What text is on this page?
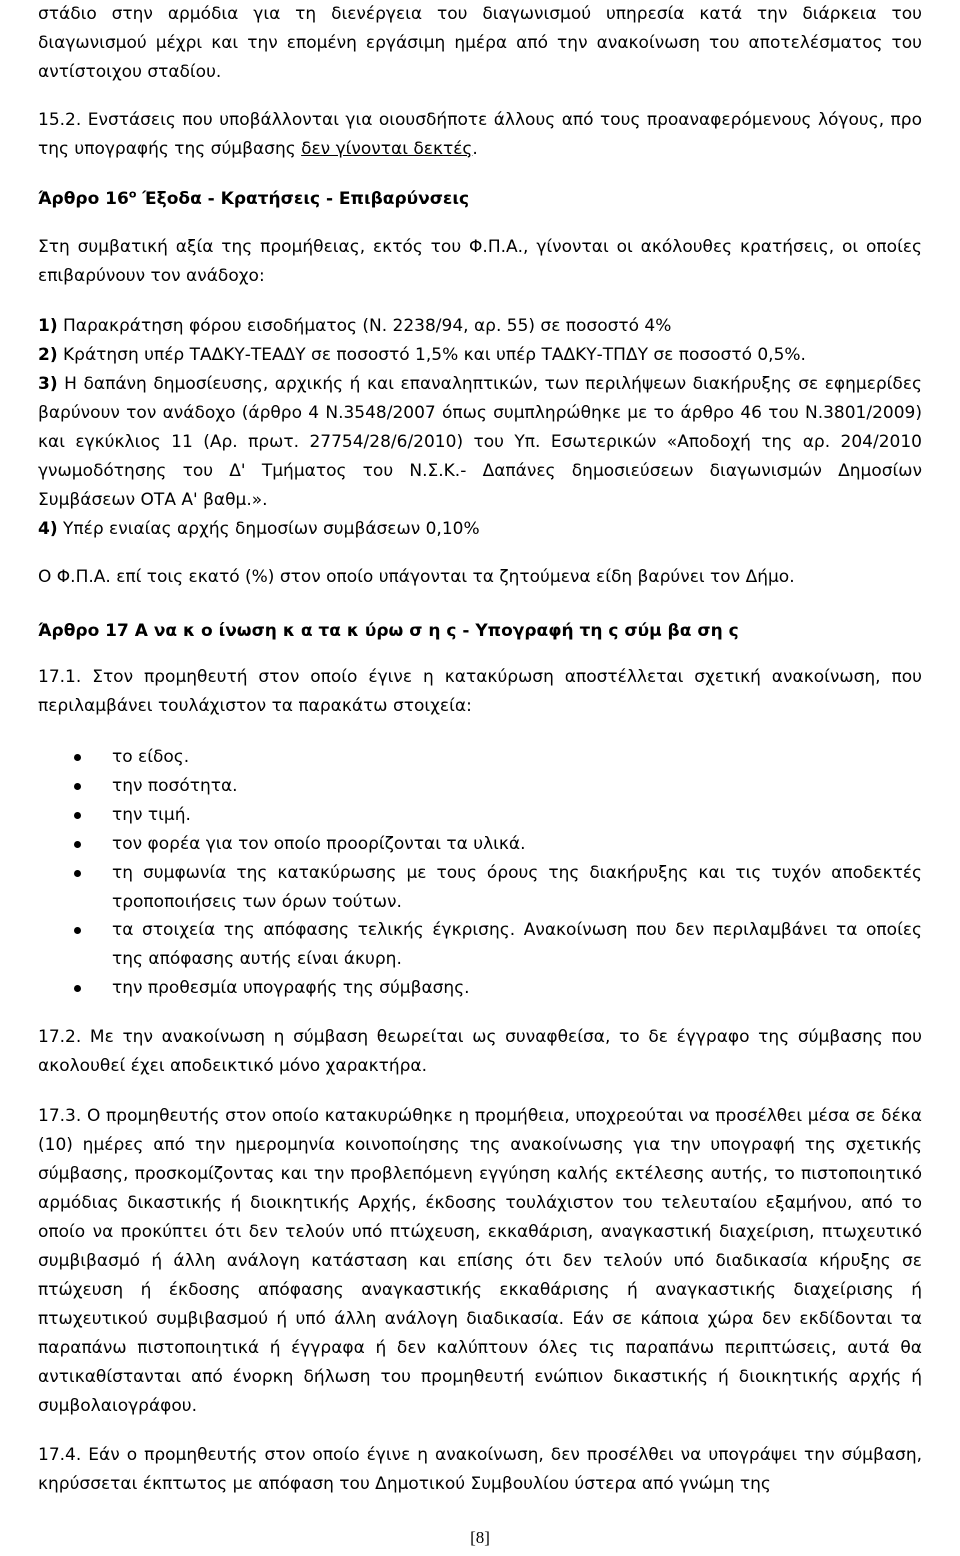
στάδιο στην αρμόδια για τη διενέργεια του διαγωνισμού υπηρεσία κατά την διάρκεια του διαγωνισμού μέχρι και την επομένη εργάσιμη ημέρα από την ανακοίνωση του αποτελέσματος του αντίστοιχου σταδίου.

15.2. Ενστάσεις που υποβάλλονται για οιουσδήποτε άλλους από τους προαναφερόμενους λόγους, προ της υπογραφής της σύμβασης δεν γίνονται δεκτές.

Άρθρο $16^o$ Έξοδα - Κρατήσεις - Επιβαρύνσεις

Στη συμβατική αξία της προμήθειας, εκτός του Φ.Π.Α., γίνονται οι ακόλουθες κρατήσεις, οι οποίες επιβαρύνουν τον ανάδοχο:

1) Παρακράτηση φόρου εισοδήματος (Ν. 2238/94, αρ. 55) σε ποσοστό 4%

2) Κράτηση υπέρ ΤΑΔΚΥ-ΤΕΑΔΥ σε ποσοστό 1,5% και υπέρ ΤΑΔΚΥ-ΤΠΔΥ σε ποσοστό 0,5%.

3) Η δαπάνη δημοσίευσης, αρχικής ή και επαναληπτικών, των περιλήψεων διακήρυξης σε εφημερίδες βαρύνουν τον ανάδοχο (άρθρο 4 Ν.3548/2007 όπως συμπληρώθηκε με το άρθρο 46 του Ν.3801/2009) και εγκύκλιος 11 (Αρ. πρωτ. 27754/28/6/2010) του Υπ. Εσωτερικών «Αποδοχή της αρ. 204/2010 γνωμοδότησης του Δ' Τμήματος του Ν.Σ.Κ.- Δαπάνες δημοσιεύσεων διαγωνισμών Δημοσίων Συμβάσεων ΟΤΑ Α' βαθμ.».

4) Υπέρ ενιαίας αρχής δημοσίων συμβάσεων 0,10%

Ο Φ.Π.Α. επί τοις εκατό (%) στον οποίο υπάγονται τα ζητούμενα είδη βαρύνει τον Δήμο.

Άρθρο 17 Α να κ ο ίνωση κ α τα κ ύρω σ η ς - Υπογραφή τη ς σύμ βα ση ς

17.1. Στον προμηθευτή στον οποίο έγινε η κατακύρωση αποστέλλεται σχετική ανακοίνωση, που περιλαμβάνει τουλάχιστον τα παρακάτω στοιχεία:

το είδος.

την ποσότητα.

την τιμή.

τον φορέα για τον οποίο προορίζονται τα υλικά.

τη συμφωνία της κατακύρωσης με τους όρους της διακήρυξης και τις τυχόν αποδεκτές τροποποιήσεις των όρων τούτων.

τα στοιχεία της απόφασης τελικής έγκρισης. Ανακοίνωση που δεν περιλαμβάνει τα οποίες της απόφασης αυτής είναι άκυρη.

την προθεσμία υπογραφής της σύμβασης.

17.2. Με την ανακοίνωση η σύμβαση θεωρείται ως συναφθείσα, το δε έγγραφο της σύμβασης που ακολουθεί έχει αποδεικτικό μόνο χαρακτήρα.

17.3. Ο προμηθευτής στον οποίο κατακυρώθηκε η προμήθεια, υποχρεούται να προσέλθει μέσα σε δέκα (10) ημέρες από την ημερομηνία κοινοποίησης της ανακοίνωσης για την υπογραφή της σχετικής σύμβασης, προσκομίζοντας και την προβλεπόμενη εγγύηση καλής εκτέλεσης αυτής, το πιστοποιητικό αρμόδιας δικαστικής ή διοικητικής Αρχής, έκδοσης τουλάχιστον του τελευταίου εξαμήνου, από το οποίο να προκύπτει ότι δεν τελούν υπό πτώχευση, εκκαθάριση, αναγκαστική διαχείριση, πτωχευτικό συμβιβασμό ή άλλη ανάλογη κατάσταση και επίσης ότι δεν τελούν υπό διαδικασία κήρυξης σε πτώχευση ή έκδοσης απόφασης αναγκαστικής εκκαθάρισης ή αναγκαστικής διαχείρισης ή πτωχευτικού συμβιβασμού ή υπό άλλη ανάλογη διαδικασία. Εάν σε κάποια χώρα δεν εκδίδονται τα παραπάνω πιστοποιητικά ή έγγραφα ή δεν καλύπτουν όλες τις παραπάνω περιπτώσεις, αυτά θα αντικαθίστανται από ένορκη δήλωση του προμηθευτή ενώπιον δικαστικής ή διοικητικής αρχής ή συμβολαιογράφου.

17.4. Εάν ο προμηθευτής στον οποίο έγινε η ανακοίνωση, δεν προσέλθει να υπογράψει την σύμβαση, κηρύσσεται έκπτωτος με απόφαση του Δημοτικού Συμβουλίου ύστερα από γνώμη της

[8]
